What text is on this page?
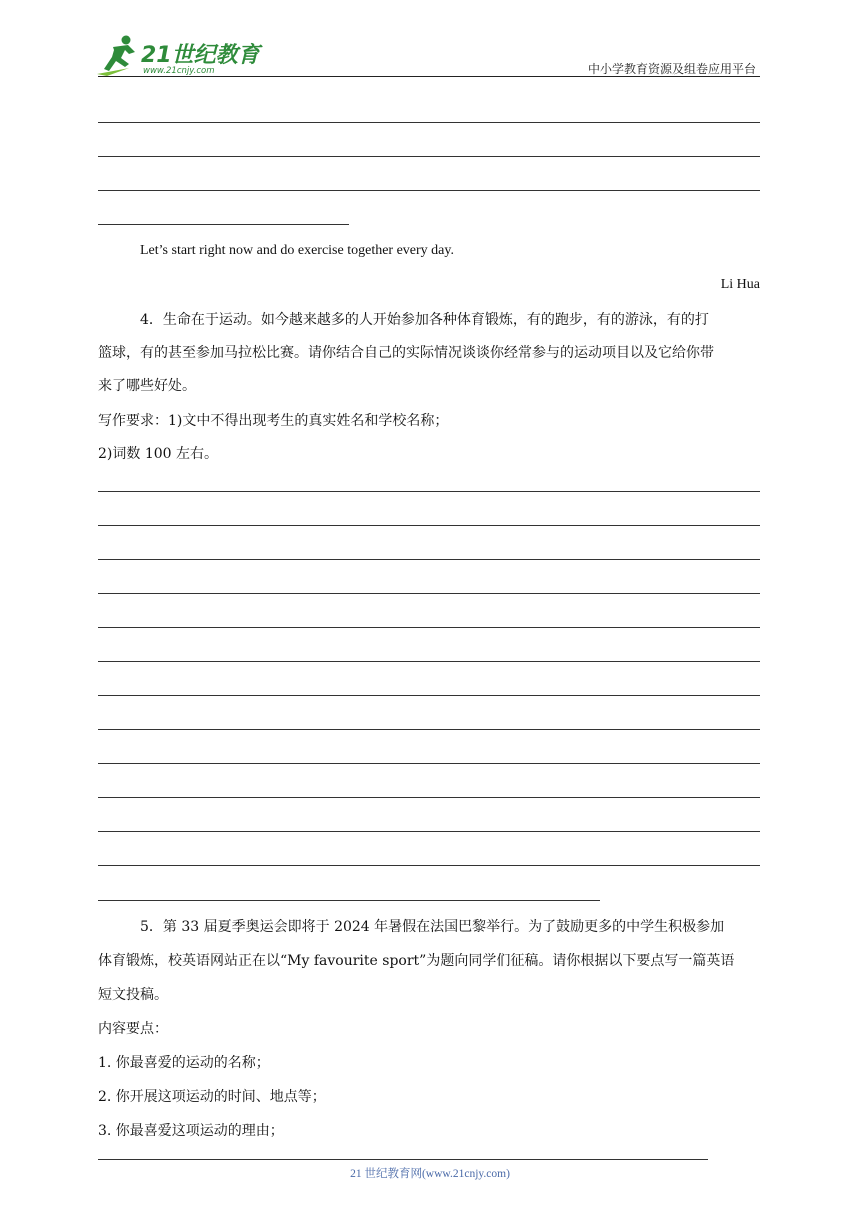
21世纪教育
www.21cnjy.com	中小学教育资源及组卷应用平台
Let’s start right now and do exercise together every day.
Li Hua
4．生命在于运动。如今越来越多的人开始参加各种体育锻炼，有的跑步，有的游泳，有的打
篮球，有的甚至参加马拉松比赛。请你结合自己的实际情况谈谈你经常参与的运动项目以及它给你带
来了哪些好处。
写作要求：1)文中不得出现考生的真实姓名和学校名称；
2)词数 100 左右。
5．第 33 届夏季奥运会即将于 2024 年暑假在法国巴黎举行。为了鼓励更多的中学生积极参加
体育锻炼，校英语网站正在以“My favourite sport”为题向同学们征稿。请你根据以下要点写一篇英语
短文投稿。
内容要点：
1. 你最喜爱的运动的名称；
2. 你开展这项运动的时间、地点等；
3. 你最喜爱这项运动的理由；
21 世纪教育网(www.21cnjy.com)
